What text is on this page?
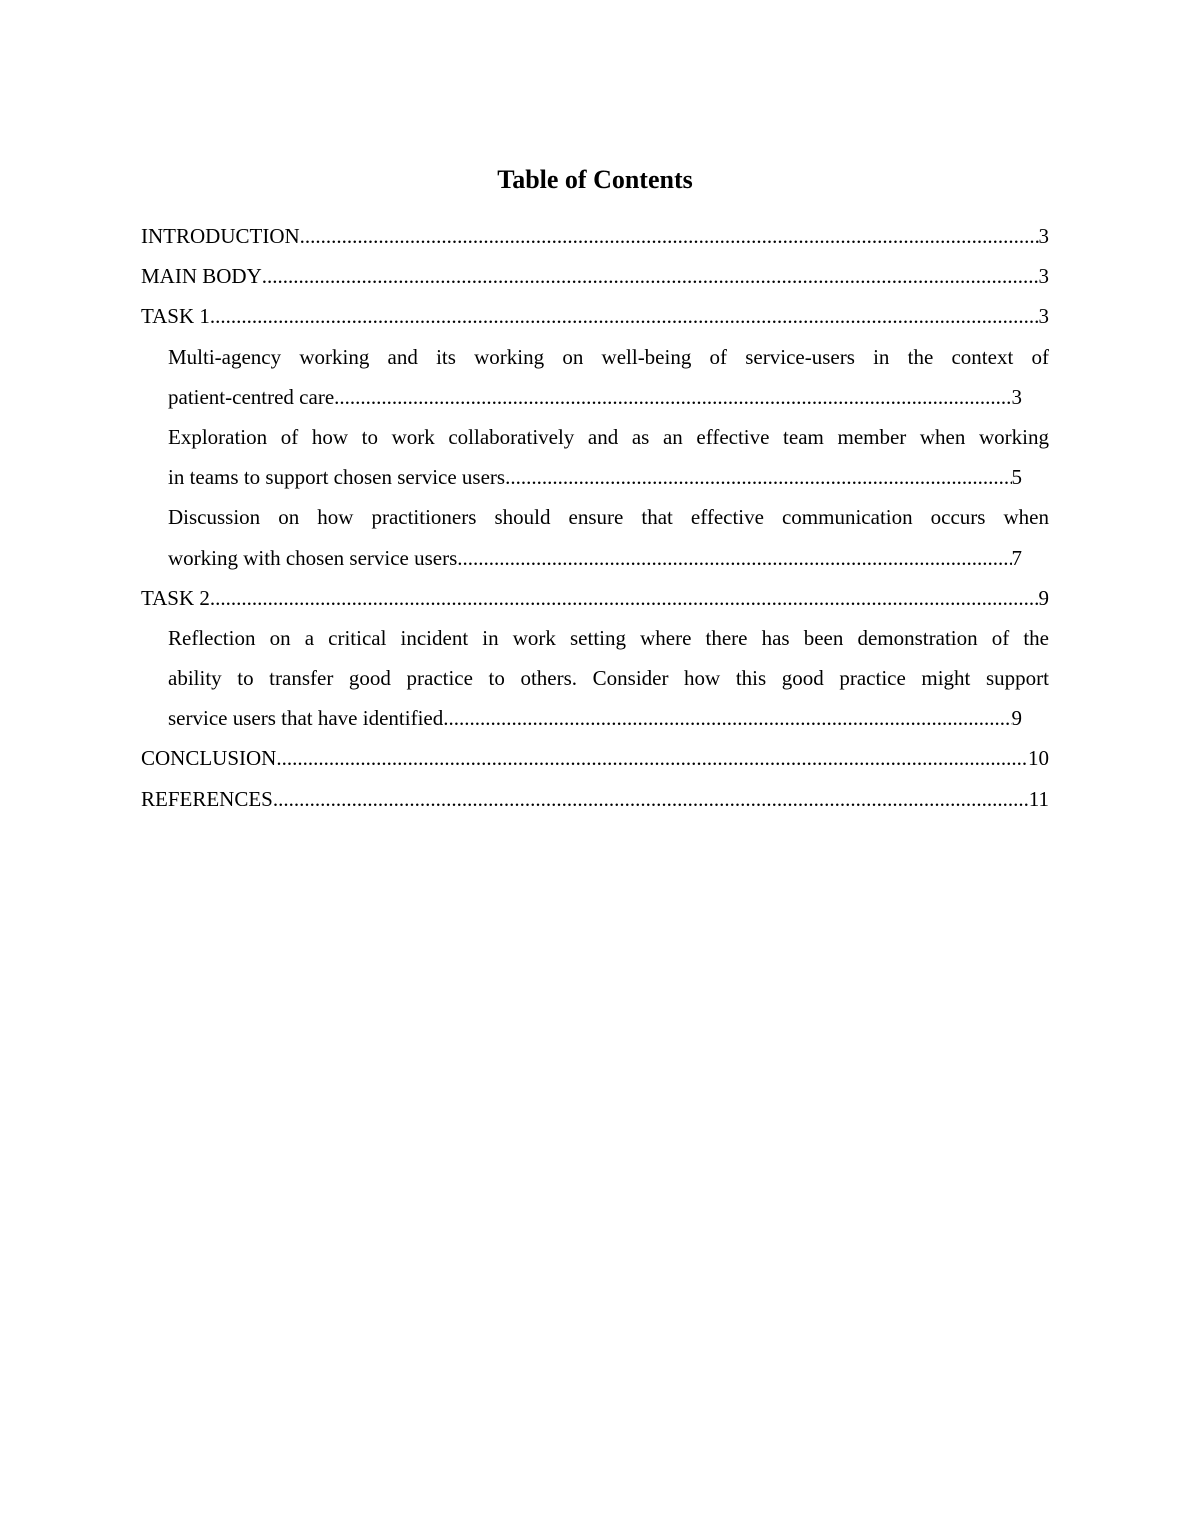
Table of Contents
INTRODUCTION .....	3
MAIN BODY .....	3
TASK 1 .....	3
Multi-agency working and its working on well-being of service-users in the context of
patient-centred care .....	3
Exploration of how to work collaboratively and as an effective team member when working
in teams to support chosen service users .....	5
Discussion on how practitioners should ensure that effective communication occurs when
working with chosen service users .....	7
TASK 2 .....	9
Reflection on a critical incident in work setting where there has been demonstration of the
ability to transfer good practice to others. Consider how this good practice might support
service users that have identified .....	9
CONCLUSION .....	10
REFERENCES .....	11
